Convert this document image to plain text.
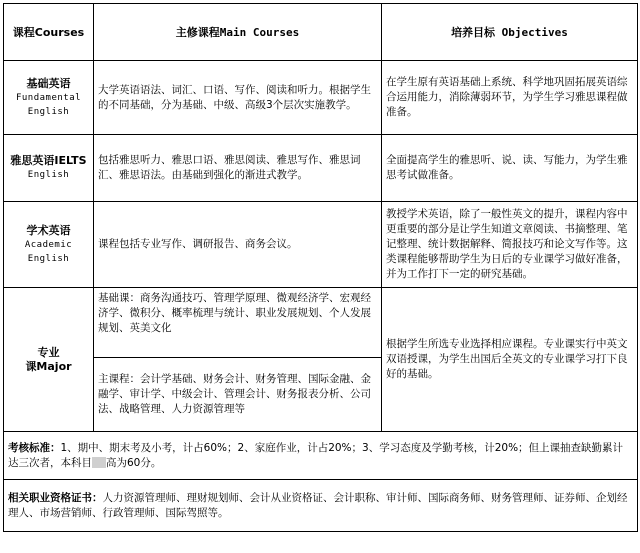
课程Courses	主修课程Main Courses	培养目标 Objectives

基础英语
Fundamental
English	大学英语语法、词汇、口语、写作、阅读和听力。根据学生的不同基础，分为基础、中级、高级3个层次实施教学。	在学生原有英语基础上系统、科学地巩固拓展英语综合运用能力，消除薄弱环节，为学生学习雅思课程做准备。

雅思英语IELTS
English	包括雅思听力、雅思口语、雅思阅读、雅思写作、雅思词汇、雅思语法。由基础到强化的渐进式教学。	全面提高学生的雅思听、说、读、写能力，为学生雅思考试做准备。

学术英语
Academic
English	课程包括专业写作、调研报告、商务会议。	教授学术英语，除了一般性英文的提升，课程内容中更重要的部分是让学生知道文章阅读、书摘整理、笔记整理、统计数据解释、简报技巧和论文写作等。这类课程能够帮助学生为日后的专业课学习做好准备，并为工作打下一定的研究基础。

专业
课Major	基础课：商务沟通技巧、管理学原理、微观经济学、宏观经济学、微积分、概率梳理与统计、职业发展规划、个人发展规划、英美文化	根据学生所选专业选择相应课程。专业课实行中英文双语授课，为学生出国后全英文的专业课学习打下良好的基础。
	主课程：会计学基础、财务会计、财务管理、国际金融、金融学、审计学、中级会计、管理会计、财务报表分析、公司法、战略管理、人力资源管理等	
考核标准：1、期中、期末考及小考，计占60%；2、家庭作业，计占20%；3、学习态度及学勤考核，计20%；但上课抽查缺勤累计达三次者，本科目 高为60分。		
相关职业资格证书：人力资源管理师、理财规划师、会计从业资格证、会计职称、审计师、国际商务师、财务管理师、证券师、企划经理人、市场营销师、行政管理师、国际驾照等。		
